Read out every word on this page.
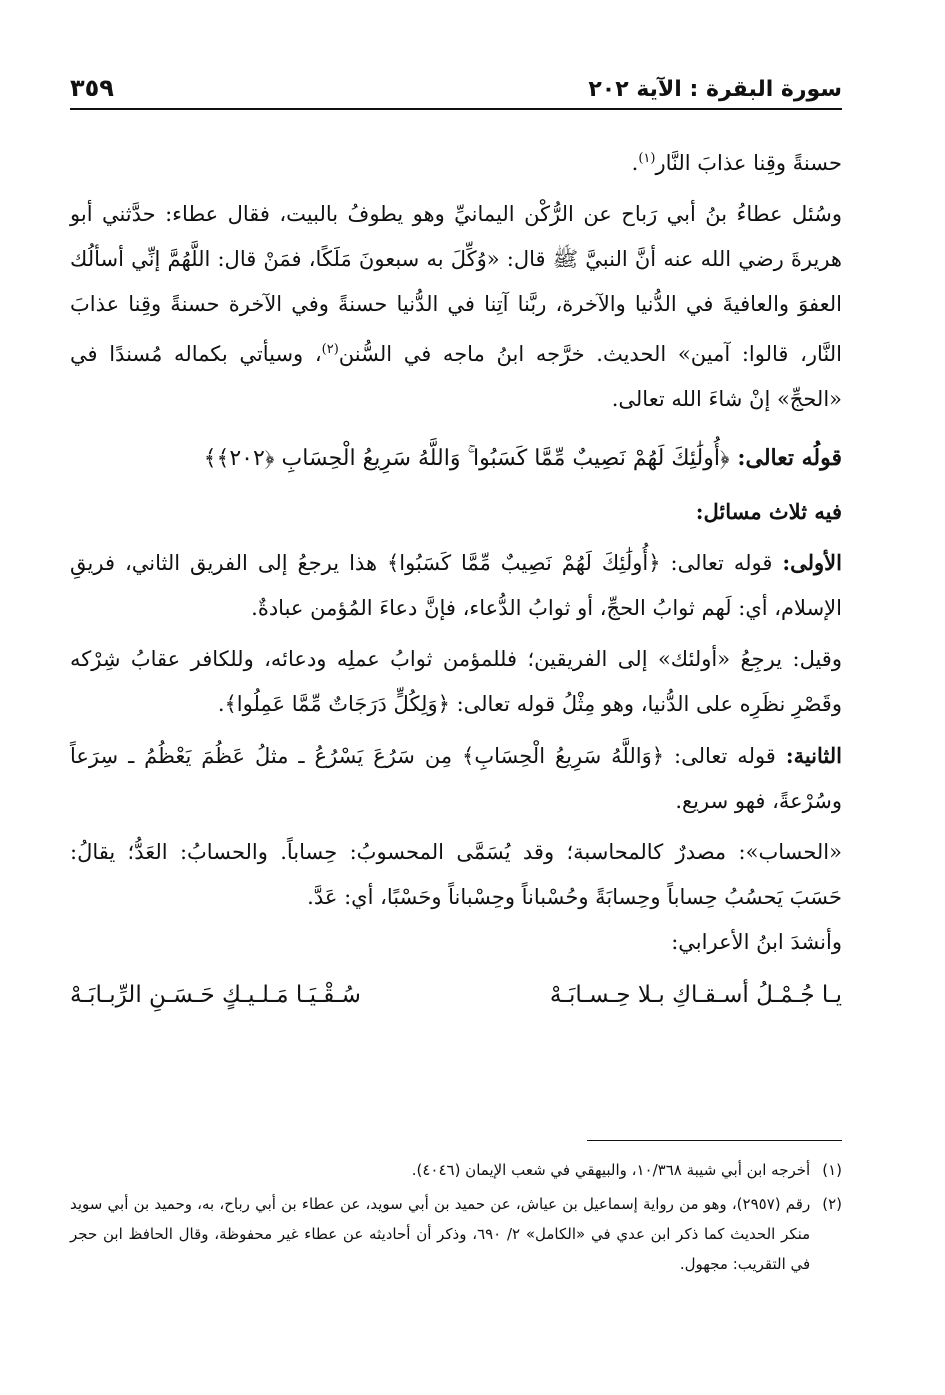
سورة البقرة : الآية ٢٠٢
٣٥٩

حسنةً وقِنا عذابَ النَّار$^{(١)}$.

وسُئل عطاءُ بنُ أبي رَباح عن الرُّكْن اليمانيِّ وهو يطوفُ بالبيت، فقال عطاء: حدَّثني أبو هريرةَ رضي الله عنه أنَّ النبيَّ ﷺ قال: «وُكِّلَ به سبعونَ مَلَكًا، فمَنْ قال: اللَّهُمَّ إنِّي أسألُك العفوَ والعافيةَ في الدُّنيا والآخرة، ربَّنا آتِنا في الدُّنيا حسنةً وفي الآخرة حسنةً وقِنا عذابَ النَّار، قالوا: آمين» الحديث. خرَّجه ابنُ ماجه في السُّنن$^{(٢)}$، وسيأتي بكماله مُسندًا في «الحجِّ» إنْ شاءَ الله تعالى.

قولُه تعالى: ﴿أُولَٰئِكَ لَهُمْ نَصِيبٌ مِّمَّا كَسَبُوا ۚ وَاللَّهُ سَرِيعُ الْحِسَابِ ﴿٢٠٢﴾﴾
فيه ثلاث مسائل:

الأولى: قوله تعالى: ﴿أُولَٰئِكَ لَهُمْ نَصِيبٌ مِّمَّا كَسَبُوا﴾ هذا يرجعُ إلى الفريق الثاني، فريقِ الإسلام، أي: لَهم ثوابُ الحجِّ، أو ثوابُ الدُّعاء، فإنَّ دعاءَ المُؤمن عبادةٌ.

وقيل: يرجِعُ «أولئك» إلى الفريقين؛ فللمؤمن ثوابُ عملِه ودعائه، وللكافر عقابُ شِرْكه وقَصْرِ نظَرِه على الدُّنيا، وهو مِثْلُ قوله تعالى: ﴿وَلِكُلٍّ دَرَجَاتٌ مِّمَّا عَمِلُوا﴾.

الثانية: قوله تعالى: ﴿وَاللَّهُ سَرِيعُ الْحِسَابِ﴾ مِن سَرُعَ يَسْرُعُ ـ مثلُ عَظُمَ يَعْظُمُ ـ سِرَعاً وسُرْعةً، فهو سريع.

«الحساب»: مصدرٌ كالمحاسبة؛ وقد يُسَمَّى المحسوبُ: حِساباً. والحسابُ: العَدُّ؛ يقالُ: حَسَبَ يَحسُبُ حِساباً وحِسابَةً وحُسْباناً وحِسْباناً وحَسْبًا، أي: عَدَّ.
وأنشدَ ابنُ الأعرابي:

يـا جُـمْـلُ أسـقـاكِ بـلا حِـسـابَـهْ
سُـقْـيَـا مَـلـيـكٍ حَـسَـنِ الرِّبـابَـهْ
(١)
أخرجه ابن أبي شيبة ١٠/٣٦٨، والبيهقي في شعب الإيمان (٤٠٤٦).
(٢)
رقم (٢٩٥٧)، وهو من رواية إسماعيل بن عياش، عن حميد بن أبي سويد، عن عطاء بن أبي رباح، به، وحميد بن أبي سويد منكر الحديث كما ذكر ابن عدي في «الكامل» ٢/ ٦٩٠، وذكر أن أحاديثه عن عطاء غير محفوظة، وقال الحافظ ابن حجر في التقريب: مجهول.
